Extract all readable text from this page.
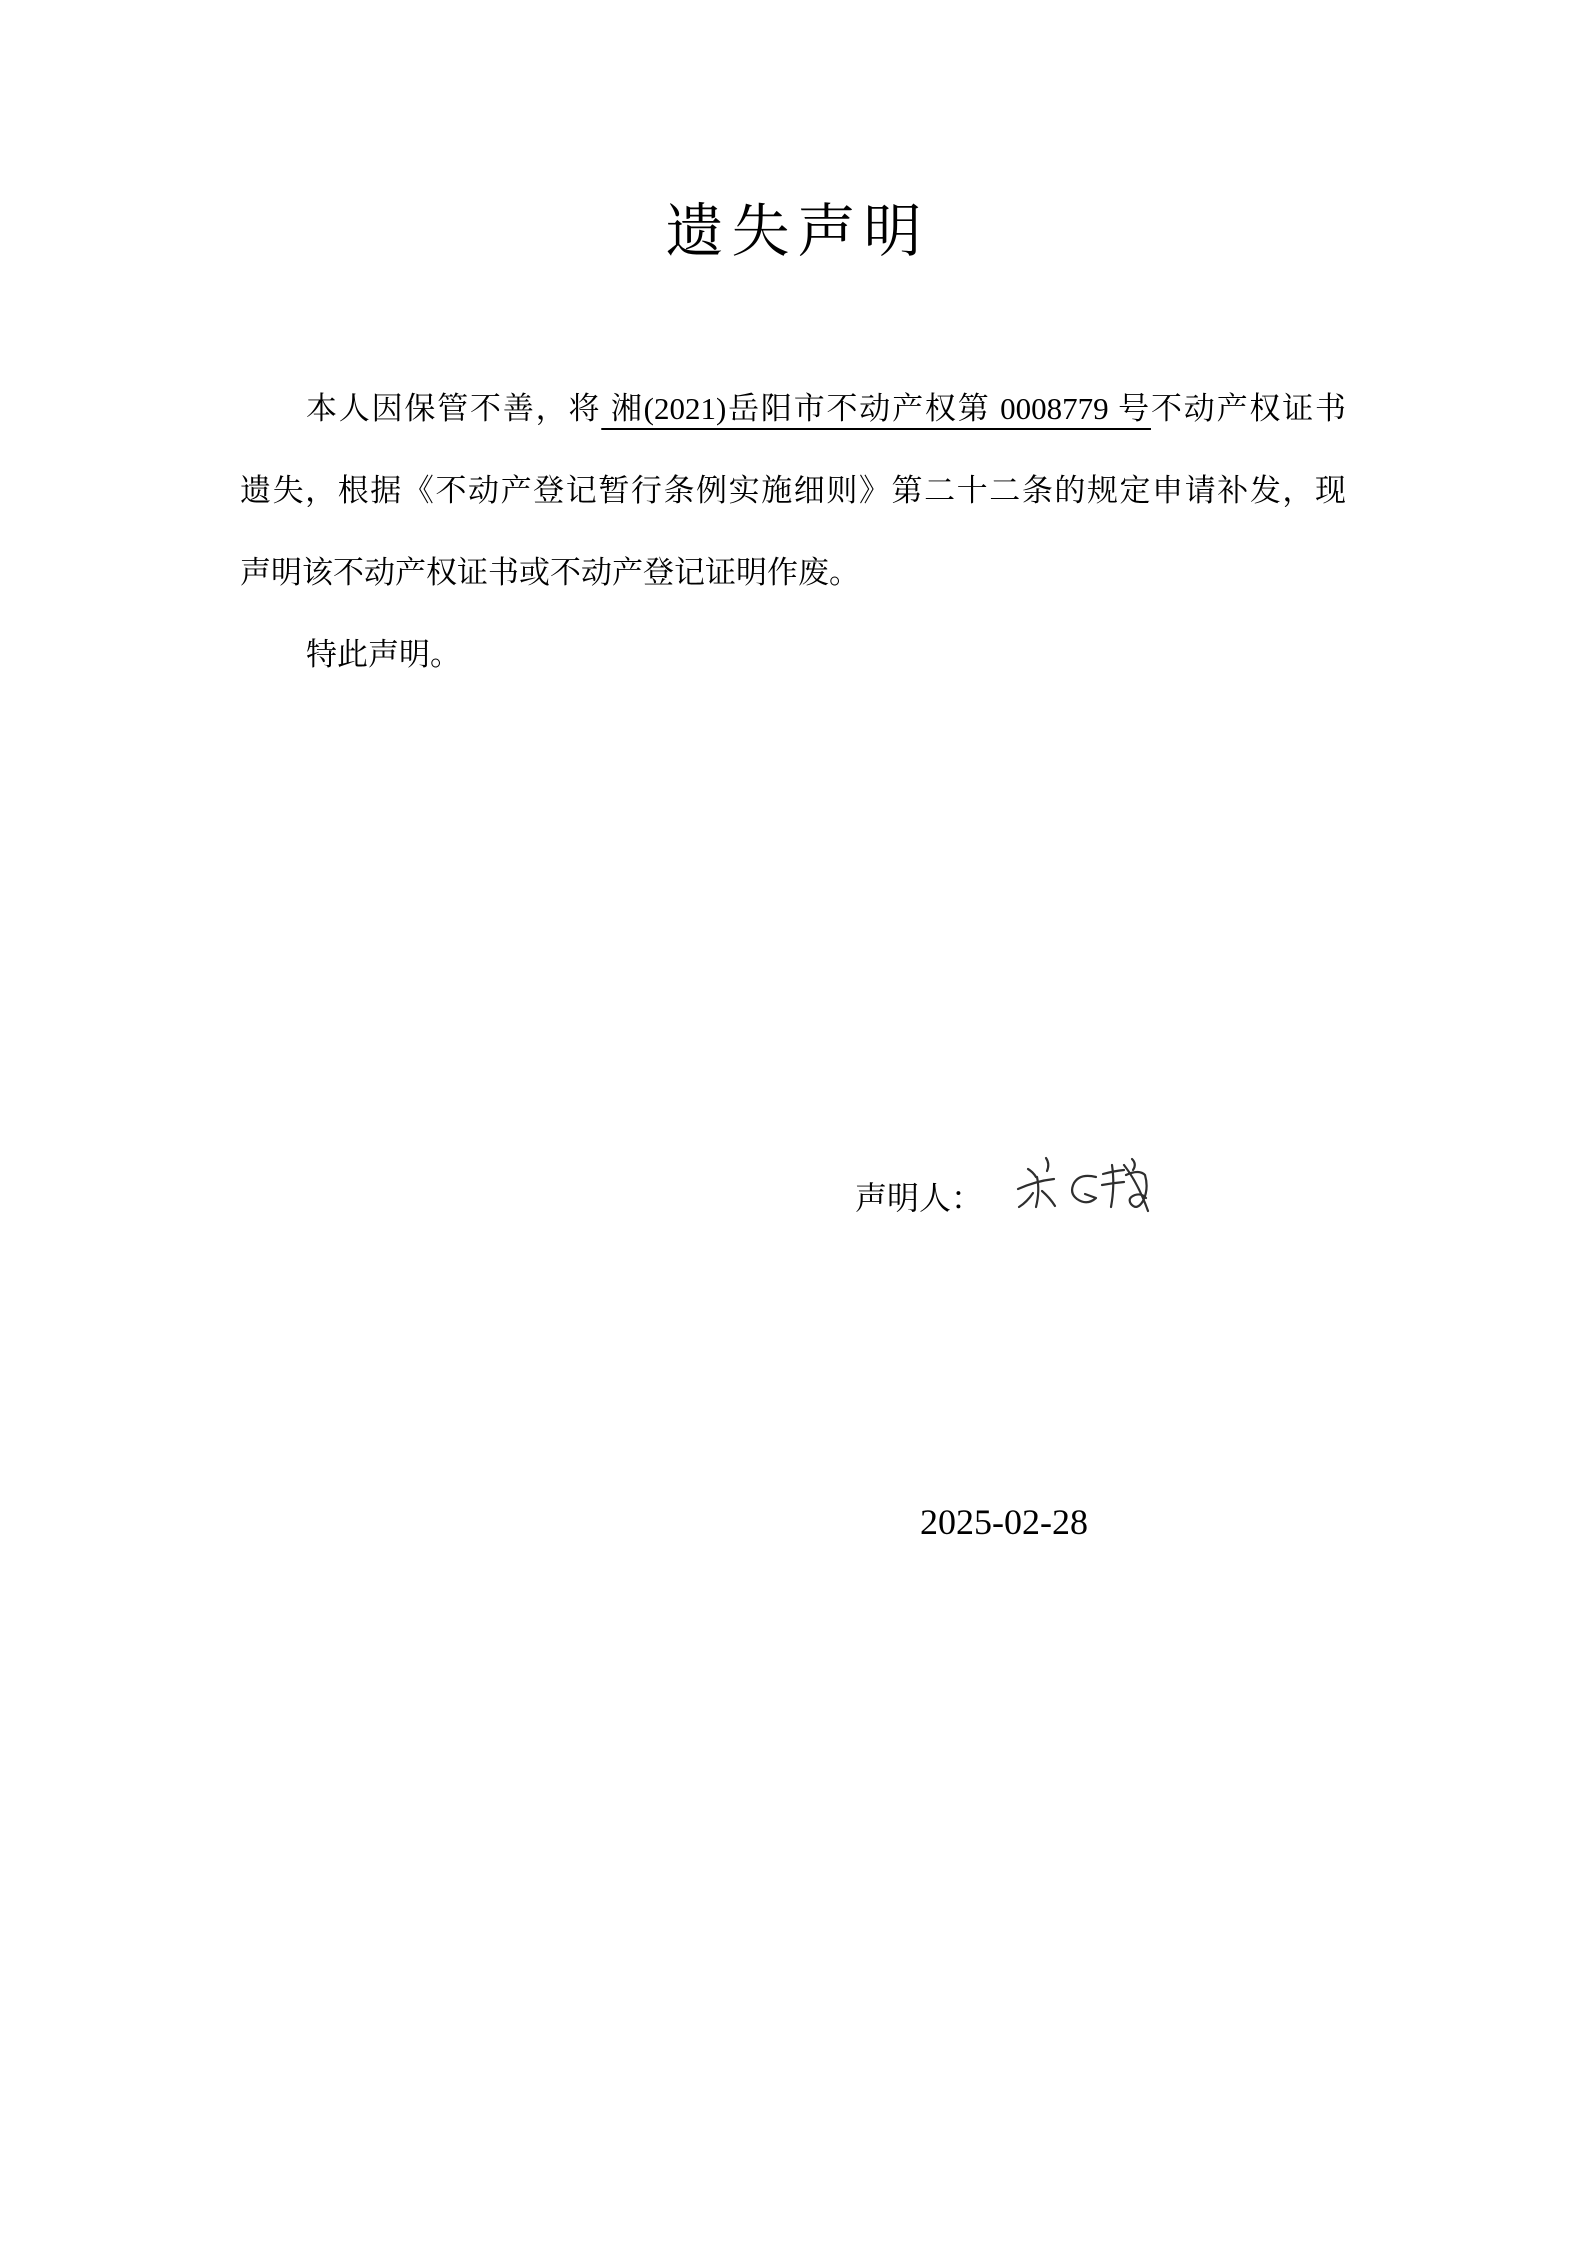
遗失声明
本人因保管不善，将 湘(2021)岳阳市不动产权第 0008779 号不动产权证书
遗失，根据《不动产登记暂行条例实施细则》第二十二条的规定申请补发，现
声明该不动产权证书或不动产登记证明作废。
特此声明。
声明人：
2025-02-28
